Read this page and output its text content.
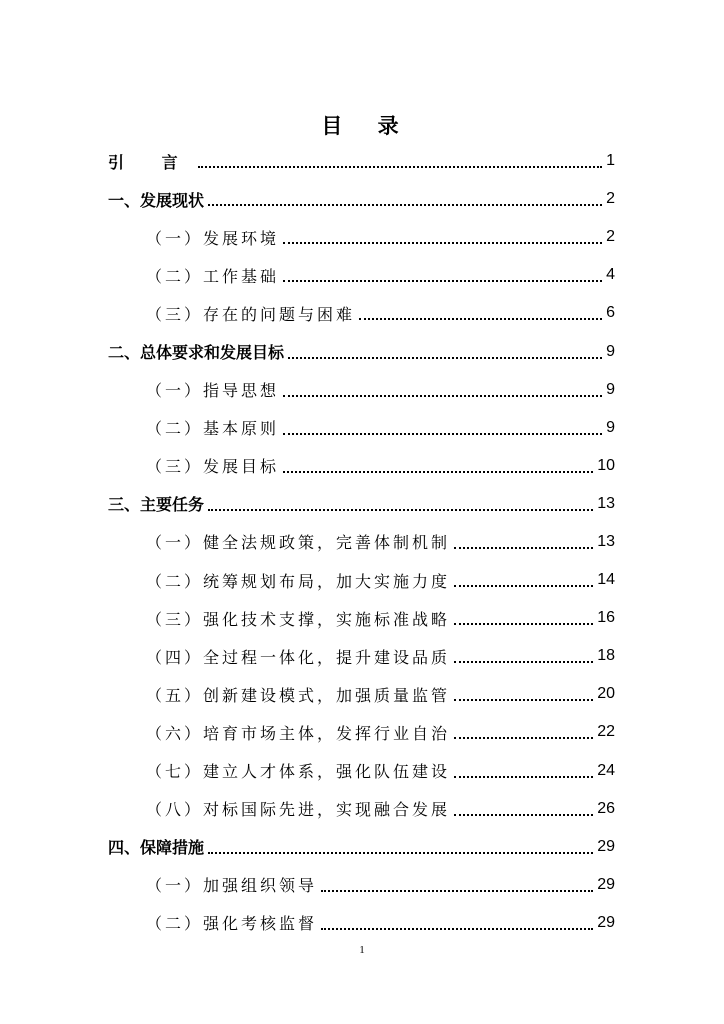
目 录
引 言	1
一、发展现状	2
（一）发展环境	2
（二）工作基础	4
（三）存在的问题与困难	6
二、总体要求和发展目标	9
（一）指导思想	9
（二）基本原则	9
（三）发展目标	10
三、主要任务	13
（一）健全法规政策，完善体制机制	13
（二）统筹规划布局，加大实施力度	14
（三）强化技术支撑，实施标准战略	16
（四）全过程一体化，提升建设品质	18
（五）创新建设模式，加强质量监管	20
（六）培育市场主体，发挥行业自治	22
（七）建立人才体系，强化队伍建设	24
（八）对标国际先进，实现融合发展	26
四、保障措施	29
（一）加强组织领导	29
（二）强化考核监督	29
1
